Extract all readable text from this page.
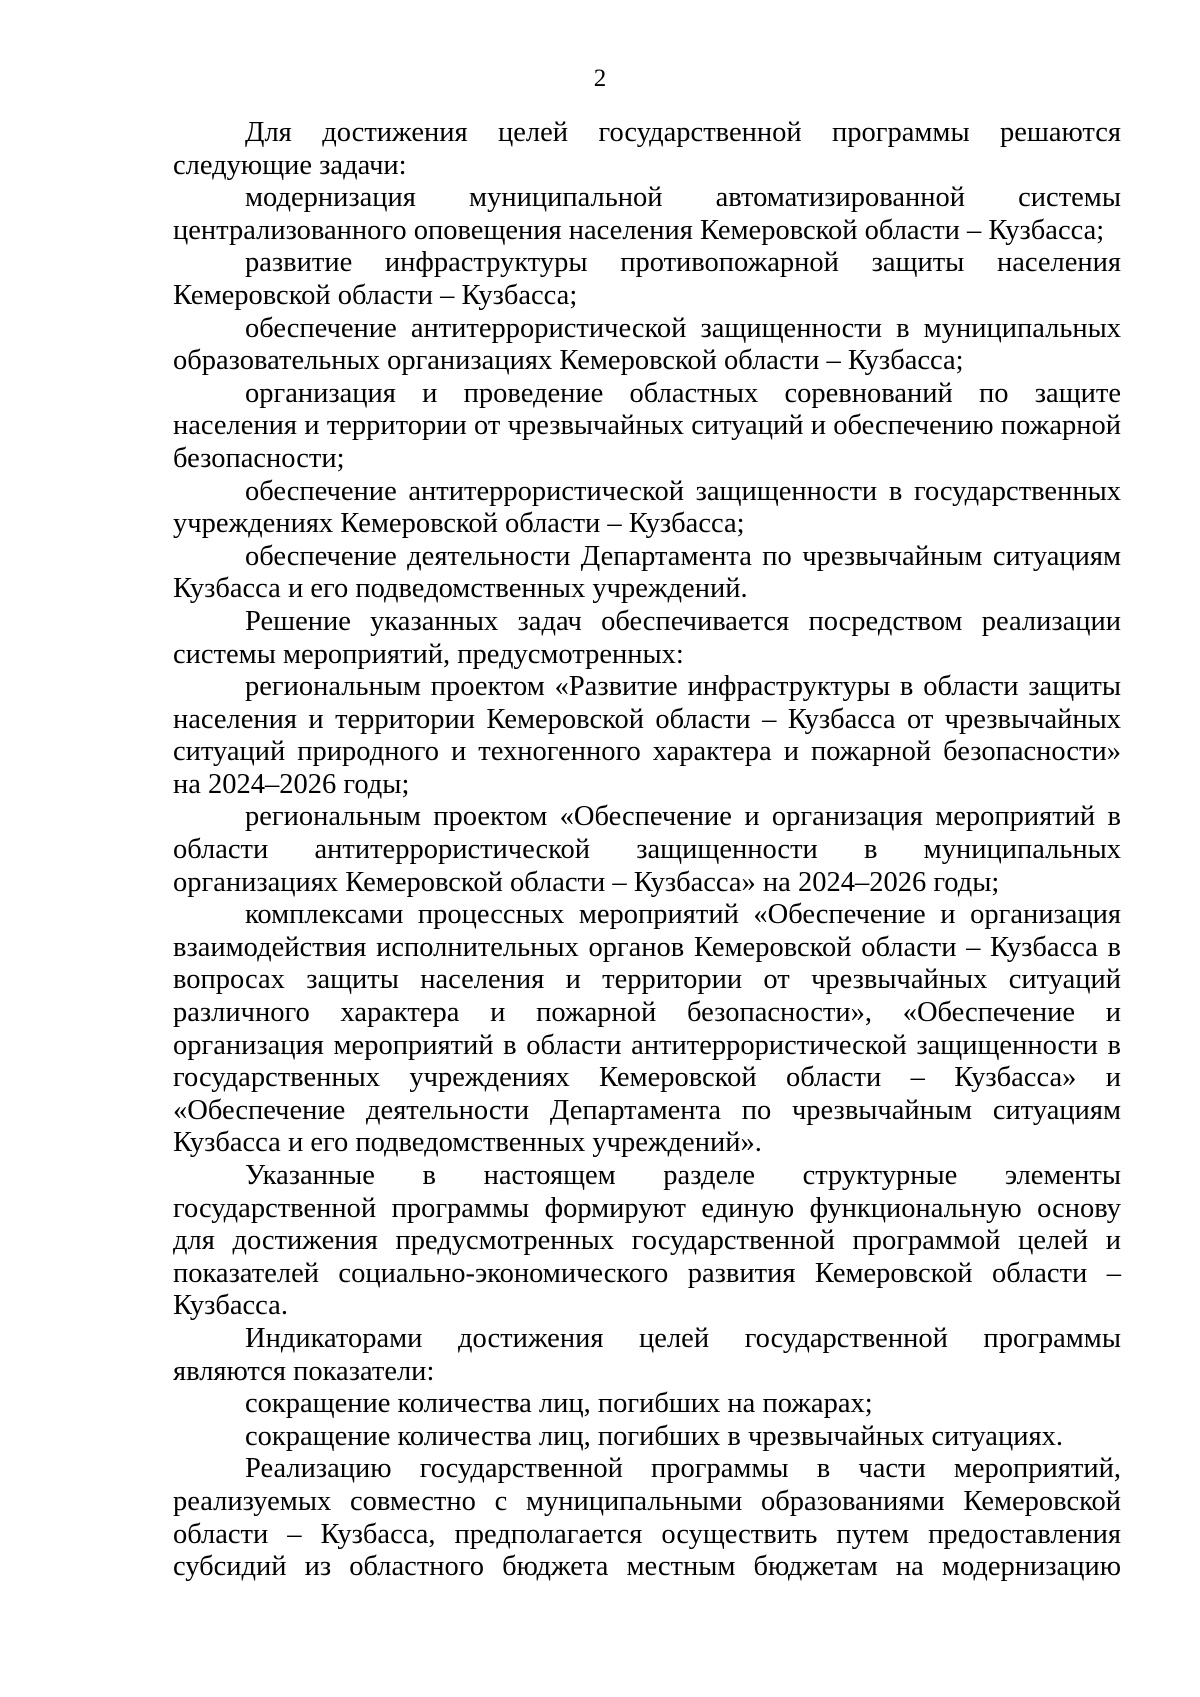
2

Для достижения целей государственной программы решаются следующие задачи:

модернизация муниципальной автоматизированной системы централизованного оповещения населения Кемеровской области – Кузбасса;

развитие инфраструктуры противопожарной защиты населения Кемеровской области – Кузбасса;

обеспечение антитеррористической защищенности в муниципальных образовательных организациях Кемеровской области – Кузбасса;

организация и проведение областных соревнований по защите населения и территории от чрезвычайных ситуаций и обеспечению пожарной безопасности;

обеспечение антитеррористической защищенности в государственных учреждениях Кемеровской области – Кузбасса;

обеспечение деятельности Департамента по чрезвычайным ситуациям Кузбасса и его подведомственных учреждений.

Решение указанных задач обеспечивается посредством реализации системы мероприятий, предусмотренных:

региональным проектом «Развитие инфраструктуры в области защиты населения и территории Кемеровской области – Кузбасса от чрезвычайных ситуаций природного и техногенного характера и пожарной безопасности» на 2024–2026 годы;

региональным проектом «Обеспечение и организация мероприятий в области антитеррористической защищенности в муниципальных организациях Кемеровской области – Кузбасса» на 2024–2026 годы;

комплексами процессных мероприятий «Обеспечение и организация взаимодействия исполнительных органов Кемеровской области – Кузбасса в вопросах защиты населения и территории от чрезвычайных ситуаций различного характера и пожарной безопасности», «Обеспечение и организация мероприятий в области антитеррористической защищенности в государственных учреждениях Кемеровской области – Кузбасса» и «Обеспечение деятельности Департамента по чрезвычайным ситуациям Кузбасса и его подведомственных учреждений».

Указанные в настоящем разделе структурные элементы государственной программы формируют единую функциональную основу для достижения предусмотренных государственной программой целей и показателей социально-экономического развития Кемеровской области – Кузбасса.

Индикаторами достижения целей государственной программы являются показатели:

сокращение количества лиц, погибших на пожарах;

сокращение количества лиц, погибших в чрезвычайных ситуациях.

Реализацию государственной программы в части мероприятий, реализуемых совместно с муниципальными образованиями Кемеровской области – Кузбасса, предполагается осуществить путем предоставления субсидий из областного бюджета местным бюджетам на модернизацию
